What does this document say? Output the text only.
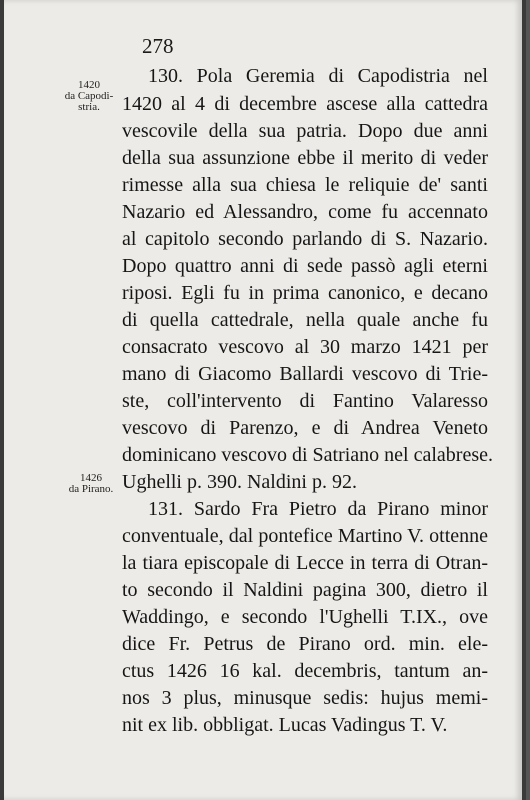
278
1420
da Capodi-
stria.
1426
da Pirano.
130. Pola Geremia di Capodistria nel
1420 al 4 di decembre ascese alla cattedra
vescovile della sua patria. Dopo due anni
della sua assunzione ebbe il merito di veder
rimesse alla sua chiesa le reliquie de' santi
Nazario ed Alessandro, come fu accennato
al capitolo secondo parlando di S. Nazario.
Dopo quattro anni di sede passò agli eterni
riposi. Egli fu in prima canonico, e decano
di quella cattedrale, nella quale anche fu
consacrato vescovo al 30 marzo 1421 per
mano di Giacomo Ballardi vescovo di Trie-
ste, coll'intervento di Fantino Valaresso
vescovo di Parenzo, e di Andrea Veneto
dominicano vescovo di Satriano nel calabrese.
Ughelli p. 390. Naldini p. 92.
131. Sardo Fra Pietro da Pirano minor
conventuale, dal pontefice Martino V. ottenne
la tiara episcopale di Lecce in terra di Otran-
to secondo il Naldini pagina 300, dietro il
Waddingo, e secondo l'Ughelli T.IX., ove
dice Fr. Petrus de Pirano ord. min. ele-
ctus 1426 16 kal. decembris, tantum an-
nos 3 plus, minusque sedis: hujus memi-
nit ex lib. obbligat. Lucas Vadingus T. V.
